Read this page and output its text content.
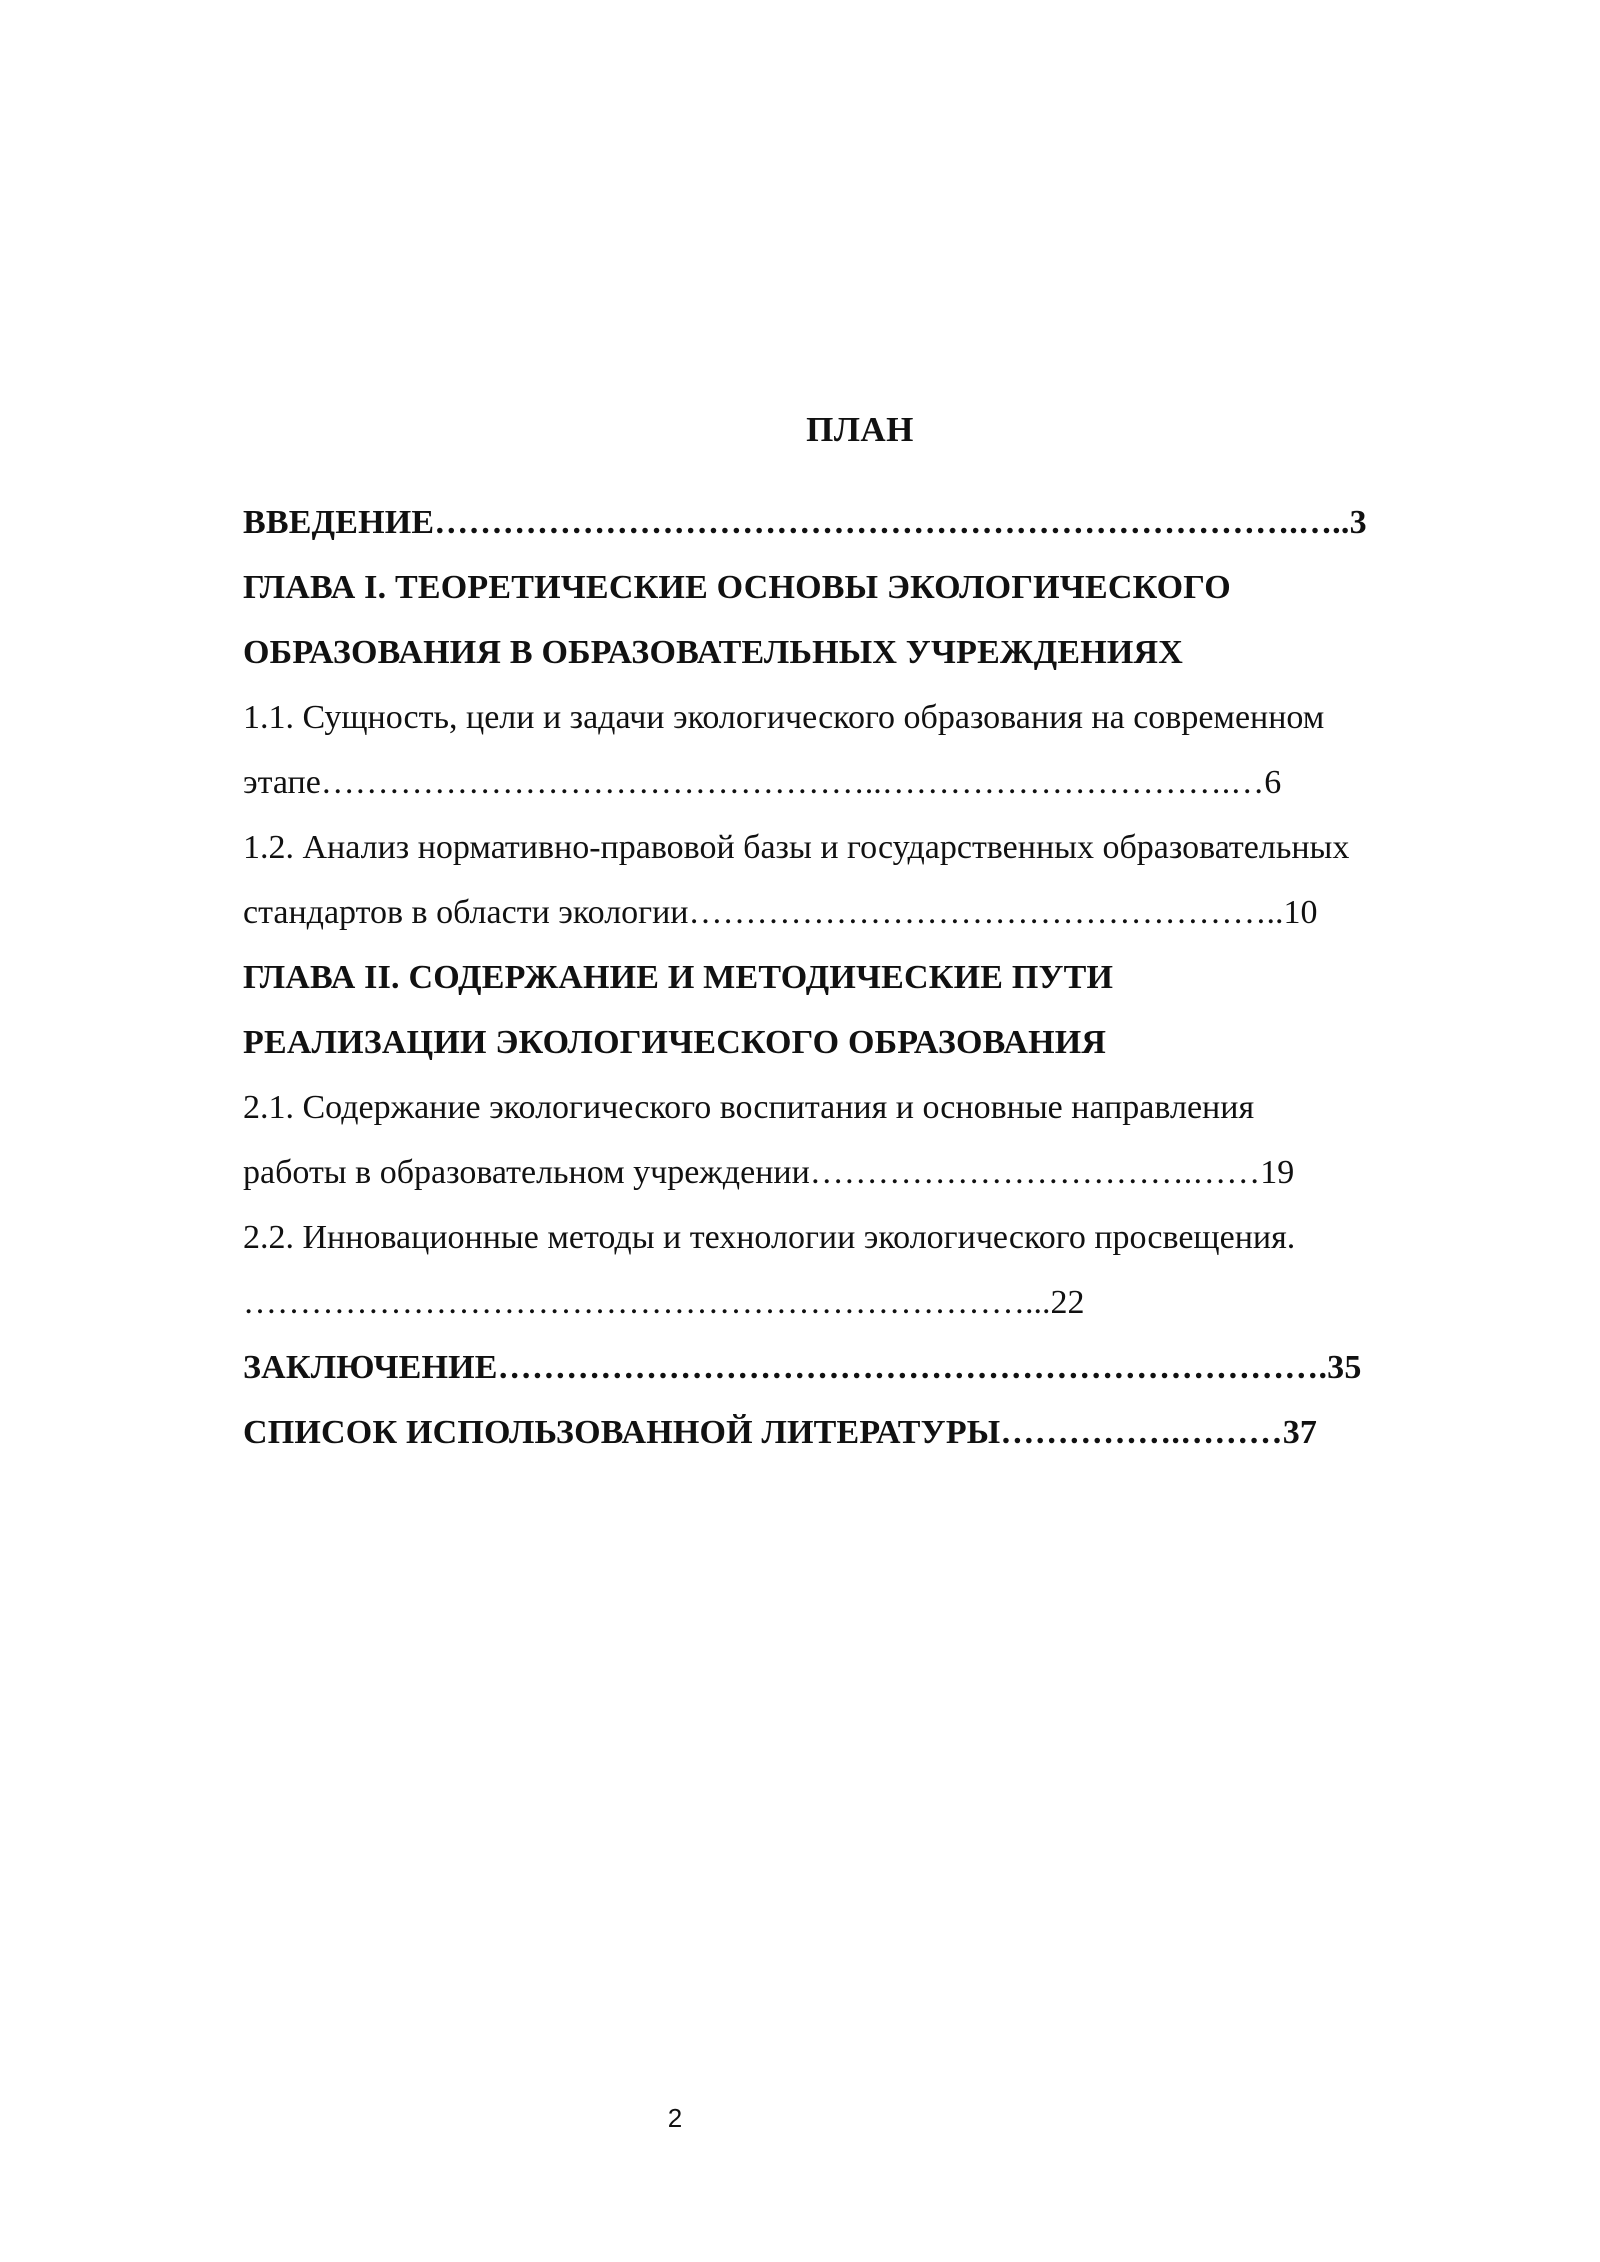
ПЛАН
ВВЕДЕНИЕ………………………………………………………………….…..3
ГЛАВА I. ТЕОРЕТИЧЕСКИЕ ОСНОВЫ ЭКОЛОГИЧЕСКОГО
ОБРАЗОВАНИЯ В ОБРАЗОВАТЕЛЬНЫХ УЧРЕЖДЕНИЯХ
1.1. Сущность, цели и задачи экологического образования на современном
этапе…………………………………………..………………………….…6
1.2. Анализ нормативно-правовой базы и государственных образовательных
стандартов в области экологии……………………………………………..10
ГЛАВА II. СОДЕРЖАНИЕ И МЕТОДИЧЕСКИЕ ПУТИ
РЕАЛИЗАЦИИ ЭКОЛОГИЧЕСКОГО ОБРАЗОВАНИЯ
2.1. Содержание экологического воспитания и основные направления
работы в образовательном учреждении…………………………….……19
2.2. Инновационные методы и технологии экологического просвещения.
……………………………………………………………...22
ЗАКЛЮЧЕНИЕ……………………………………………………………….35
СПИСОК ИСПОЛЬЗОВАННОЙ ЛИТЕРАТУРЫ…………….………37
2
